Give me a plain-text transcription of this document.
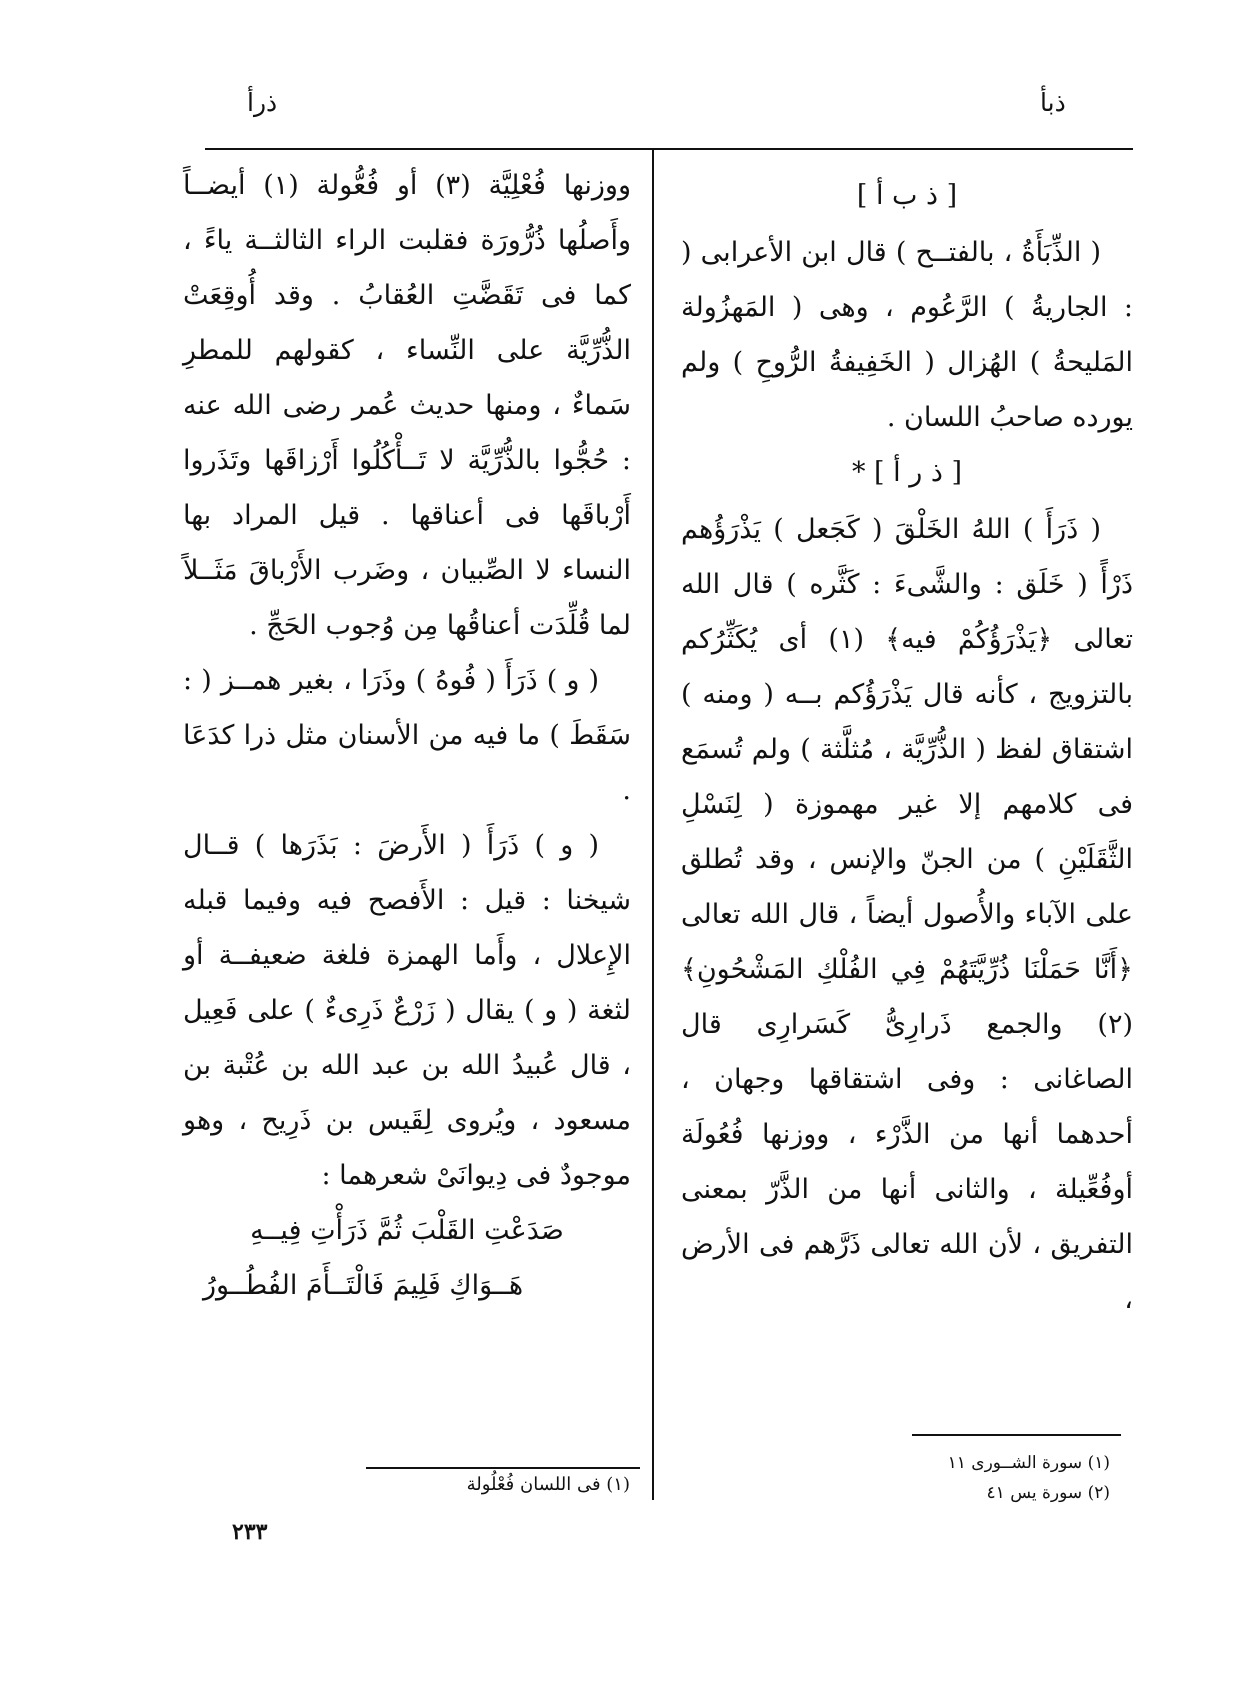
ذبأ
ذرأ

[ ذ ب أ ]

( الذِّبَأَةُ ، بالفتــح ) قال ابن الأعرابى ( : الجاريةُ ) الرَّعُوم ، وهى ( المَهزُولة المَليحةُ ) الهُزال ( الخَفِيفةُ الرُّوحِ ) ولم يورده صاحبُ اللسان .

[ ذ ر أ ] *

( ذَرَأَ ) اللهُ الخَلْقَ ( كَجَعل ) يَذْرَؤُهم ذَرْأً ( خَلَق : والشَّىءَ : كَثَّره ) قال الله تعالى ﴿يَذْرَؤُكُمْ فيه﴾ (١) أى يُكَثِّرُكم بالتزويج ، كأنه قال يَذْرَؤُكم بــه ( ومنه ) اشتقاق لفظ ( الذُّرِّيَّة ، مُثلَّثة ) ولم تُسمَع فى كلامهم إلا غير مهموزة ( لِنَسْلِ الثَّقَلَيْنِ ) من الجنّ والإنس ، وقد تُطلق على الآباء والأُصول أيضاً ، قال الله تعالى ﴿أَنَّا حَمَلْنَا ذُرِّيَّتَهُمْ فِي الفُلْكِ المَشْحُونِ﴾ (٢) والجمع ذَرارِىُّ كَسَرارِى قال الصاغانى : وفى اشتقاقها وجهان ، أحدهما أنها من الذَّرْء ، ووزنها فُعُولَة أوفُعِّيلة ، والثانى أنها من الذَّرّ بمعنى التفريق ، لأن الله تعالى ذَرَّهم فى الأرض ،

ووزنها فُعْلِيَّة (٣) أو فُعُّولة (١) أيضــاً وأَصلُها ذُرُّورَة فقلبت الراء الثالثــة ياءً ، كما فى تَقَضَّتِ العُقابُ . وقد أُوقِعَتْ الذُّرِّيَّة على النِّساء ، كقولهم للمطرِ سَماءٌ ، ومنها حديث عُمر رضى الله عنه : حُجُّوا بالذُّرِّيَّة لا تَــأْكُلُوا أَرْزاقَها وتَذَروا أَرْباقَها فى أعناقها . قيل المراد بها النساء لا الصِّبيان ، وضَرب الأَرْباقَ مَثَــلاً لما قُلِّدَت أعناقُها مِن وُجوب الحَجِّ .

( و ) ذَرَأَ ( فُوهُ ) وذَرَا ، بغير همــز ( : سَقَطَ ) ما فيه من الأسنان مثل ذرا كدَعَا .

( و ) ذَرَأَ ( الأَرضَ : بَذَرَها ) قــال شيخنا : قيل : الأَفصح فيه وفيما قبله الإِعلال ، وأَما الهمزة فلغة ضعيفــة أو لثغة ( و ) يقال ( زَرْعٌ ذَرِىءٌ ) على فَعِيل ، قال عُبيدُ الله بن عبد الله بن عُتْبة بن مسعود ، ويُروى لِقَيس بن ذَرِيح ، وهو موجودٌ فى دِيوانَىْ شعرهما :

صَدَعْتِ القَلْبَ ثُمَّ ذَرَأْتِ فِيــهِ

هَــوَاكِ فَلِيمَ فَالْتَــأَمَ الفُطُــورُ

(١) سورة الشــورى ١١

(٢) سورة يس ٤١

(١) فى اللسان فُعْلُولة

٢٣٣
